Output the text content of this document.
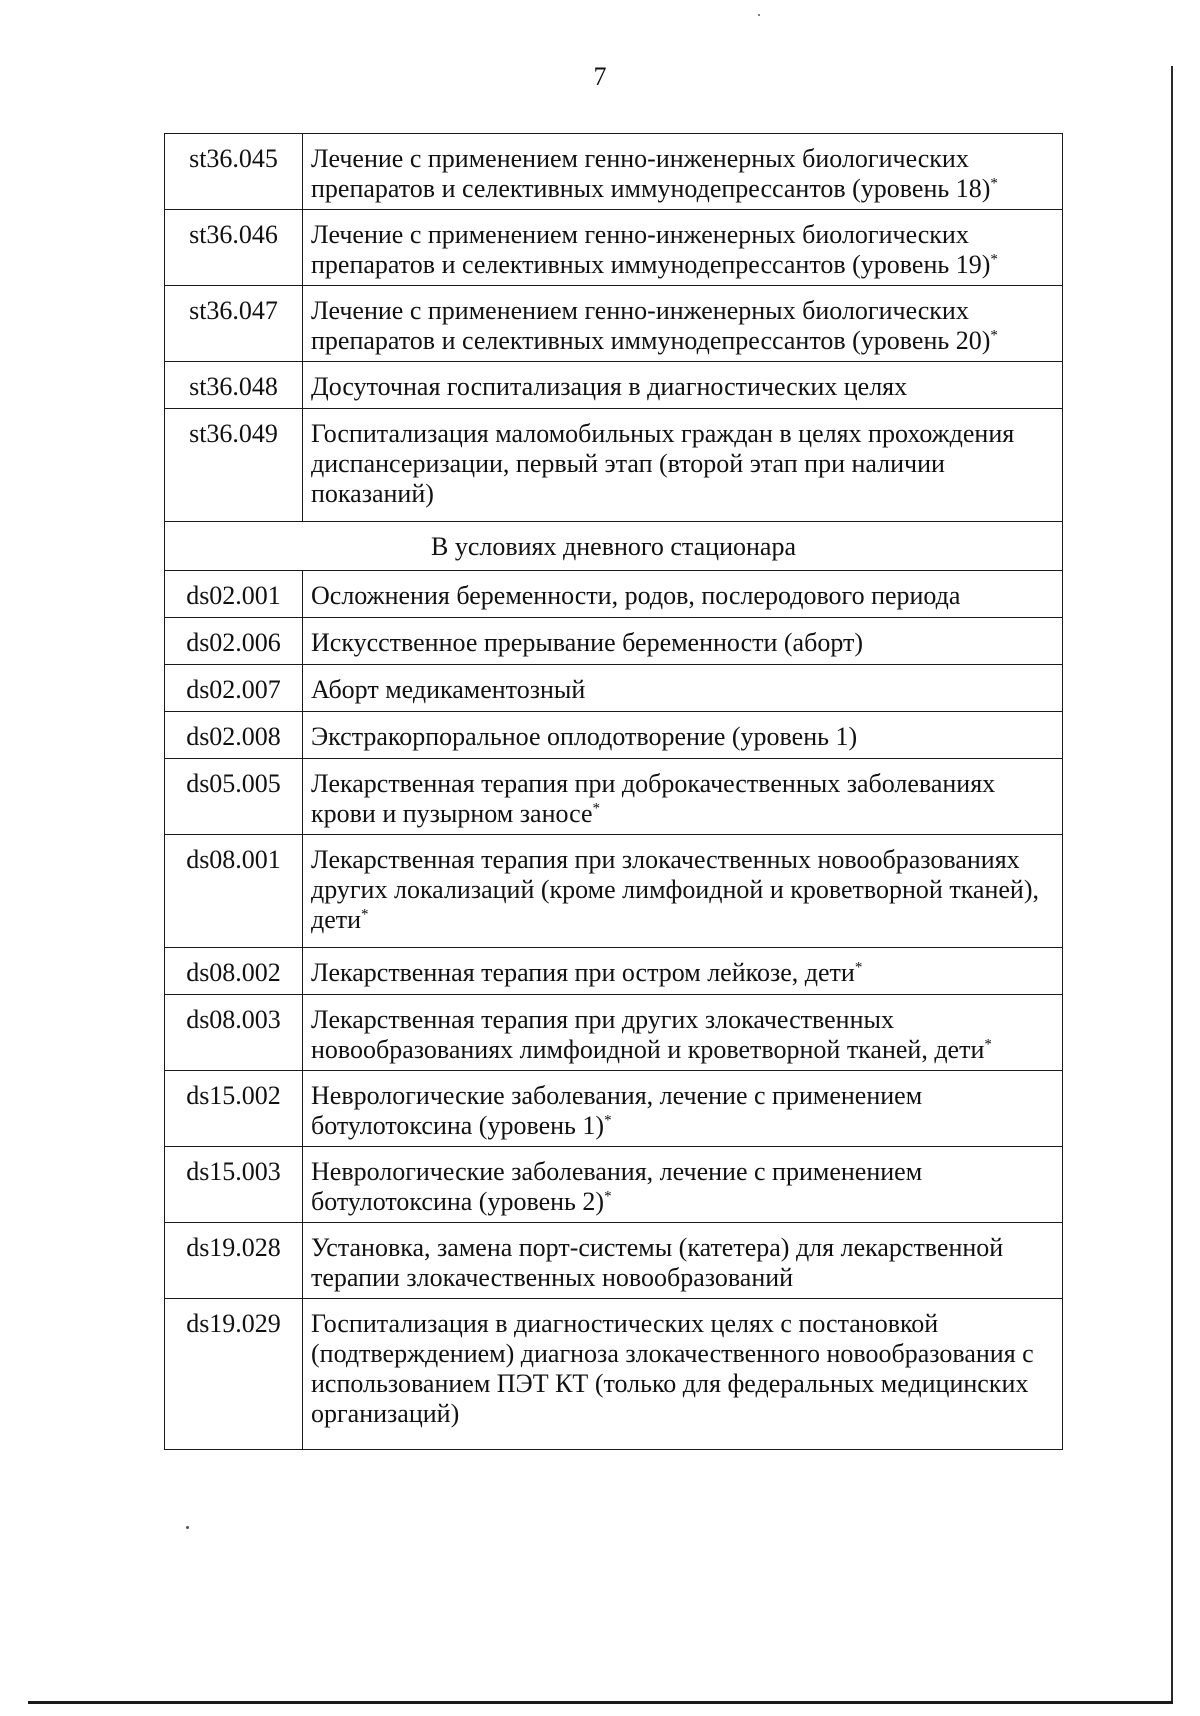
7
st36.045	Лечение с применением генно-инженерных биологических препаратов и селективных иммунодепрессантов (уровень 18)*
st36.046	Лечение с применением генно-инженерных биологических препаратов и селективных иммунодепрессантов (уровень 19)*
st36.047	Лечение с применением генно-инженерных биологических препаратов и селективных иммунодепрессантов (уровень 20)*
st36.048	Досуточная госпитализация в диагностических целях
st36.049	Госпитализация маломобильных граждан в целях прохождения диспансеризации, первый этап (второй этап при наличии показаний)
В условиях дневного стационара	
ds02.001	Осложнения беременности, родов, послеродового периода
ds02.006	Искусственное прерывание беременности (аборт)
ds02.007	Аборт медикаментозный
ds02.008	Экстракорпоральное оплодотворение (уровень 1)
ds05.005	Лекарственная терапия при доброкачественных заболеваниях крови и пузырном заносе*
ds08.001	Лекарственная терапия при злокачественных новообразованиях других локализаций (кроме лимфоидной и кроветворной тканей), дети*
ds08.002	Лекарственная терапия при остром лейкозе, дети*
ds08.003	Лекарственная терапия при других злокачественных новообразованиях лимфоидной и кроветворной тканей, дети*
ds15.002	Неврологические заболевания, лечение с применением ботулотоксина (уровень 1)*
ds15.003	Неврологические заболевания, лечение с применением ботулотоксина (уровень 2)*
ds19.028	Установка, замена порт-системы (катетера) для лекарственной терапии злокачественных новообразований
ds19.029	Госпитализация в диагностических целях с постановкой (подтверждением) диагноза злокачественного новообразования с использованием ПЭТ КТ (только для федеральных медицинских организаций)
